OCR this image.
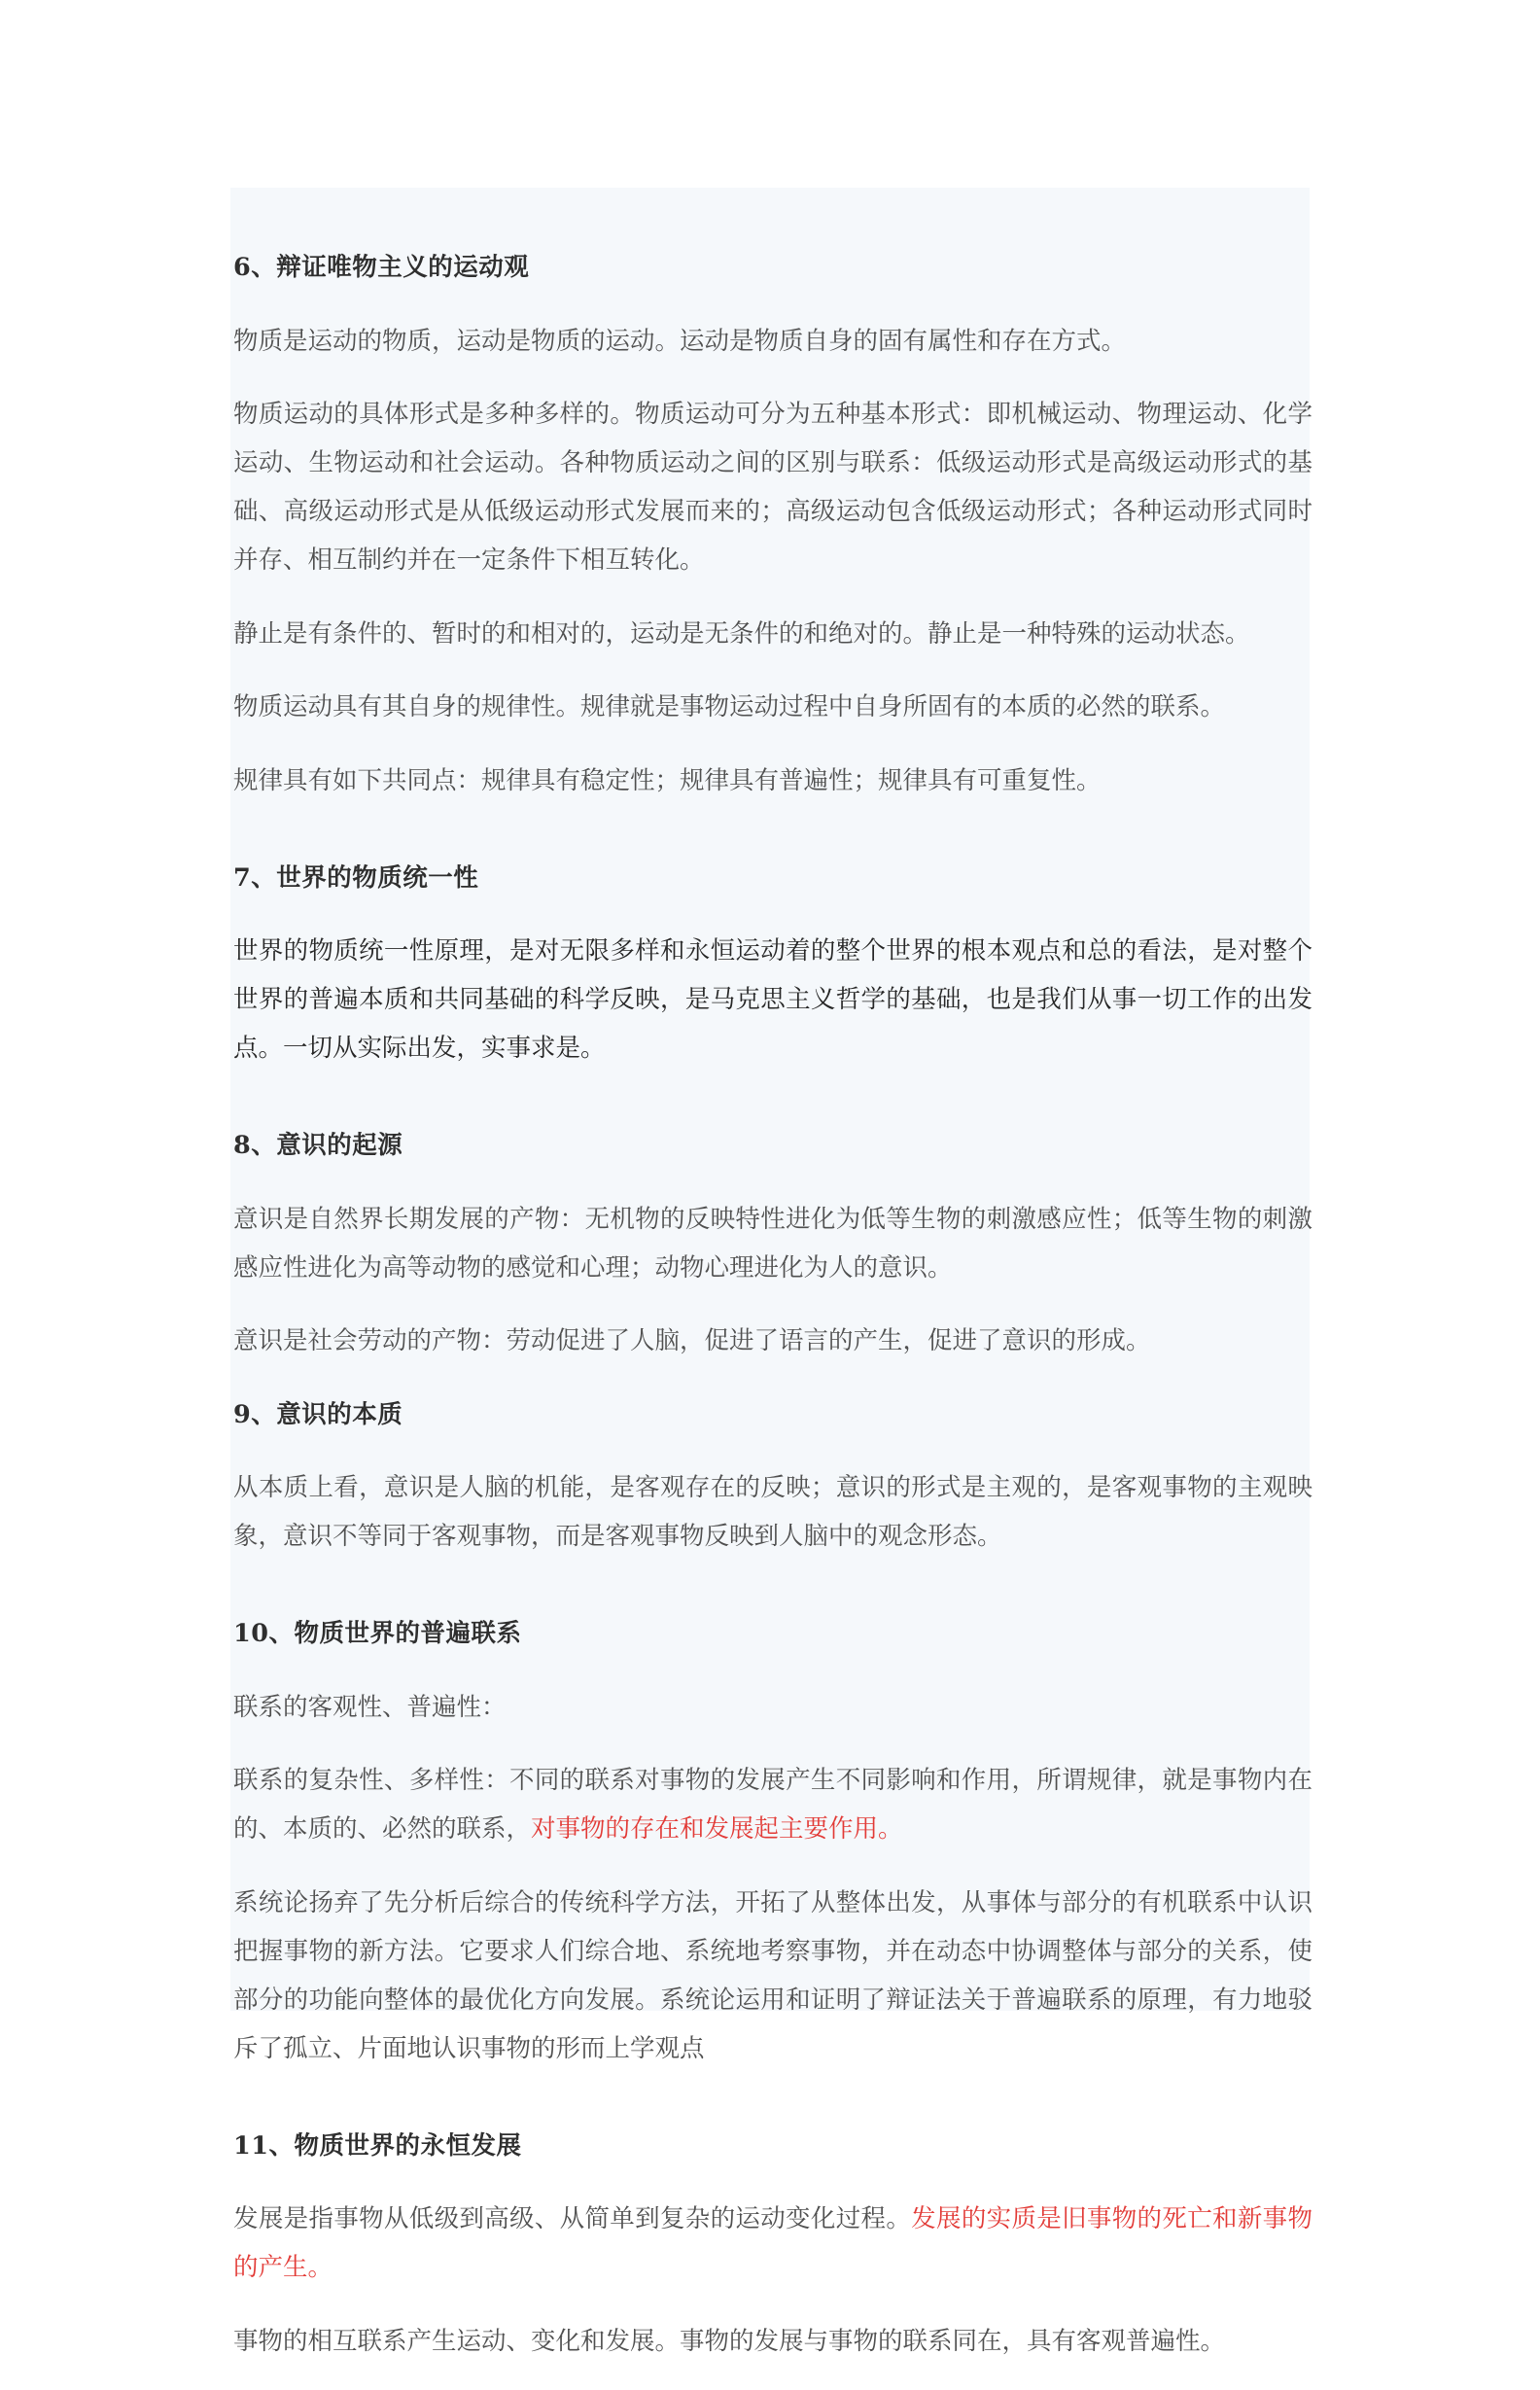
6、辩证唯物主义的运动观

物质是运动的物质，运动是物质的运动。运动是物质自身的固有属性和存在方式。

物质运动的具体形式是多种多样的。物质运动可分为五种基本形式：即机械运动、物理运动、化学运动、生物运动和社会运动。各种物质运动之间的区别与联系：低级运动形式是高级运动形式的基础、高级运动形式是从低级运动形式发展而来的；高级运动包含低级运动形式；各种运动形式同时并存、相互制约并在一定条件下相互转化。

静止是有条件的、暂时的和相对的，运动是无条件的和绝对的。静止是一种特殊的运动状态。

物质运动具有其自身的规律性。规律就是事物运动过程中自身所固有的本质的必然的联系。

规律具有如下共同点：规律具有稳定性；规律具有普遍性；规律具有可重复性。

7、世界的物质统一性

世界的物质统一性原理，是对无限多样和永恒运动着的整个世界的根本观点和总的看法，是对整个世界的普遍本质和共同基础的科学反映，是马克思主义哲学的基础，也是我们从事一切工作的出发点。一切从实际出发，实事求是。

8、意识的起源

意识是自然界长期发展的产物：无机物的反映特性进化为低等生物的刺激感应性；低等生物的刺激感应性进化为高等动物的感觉和心理；动物心理进化为人的意识。

意识是社会劳动的产物：劳动促进了人脑，促进了语言的产生，促进了意识的形成。

9、意识的本质

从本质上看，意识是人脑的机能，是客观存在的反映；意识的形式是主观的，是客观事物的主观映象，意识不等同于客观事物，而是客观事物反映到人脑中的观念形态。

10、物质世界的普遍联系

联系的客观性、普遍性：

联系的复杂性、多样性：不同的联系对事物的发展产生不同影响和作用，所谓规律，就是事物内在的、本质的、必然的联系，对事物的存在和发展起主要作用。

系统论扬弃了先分析后综合的传统科学方法，开拓了从整体出发，从事体与部分的有机联系中认识把握事物的新方法。它要求人们综合地、系统地考察事物，并在动态中协调整体与部分的关系，使部分的功能向整体的最优化方向发展。系统论运用和证明了辩证法关于普遍联系的原理，有力地驳斥了孤立、片面地认识事物的形而上学观点

11、物质世界的永恒发展

发展是指事物从低级到高级、从简单到复杂的运动变化过程。发展的实质是旧事物的死亡和新事物的产生。

事物的相互联系产生运动、变化和发展。事物的发展与事物的联系同在，具有客观普遍性。
